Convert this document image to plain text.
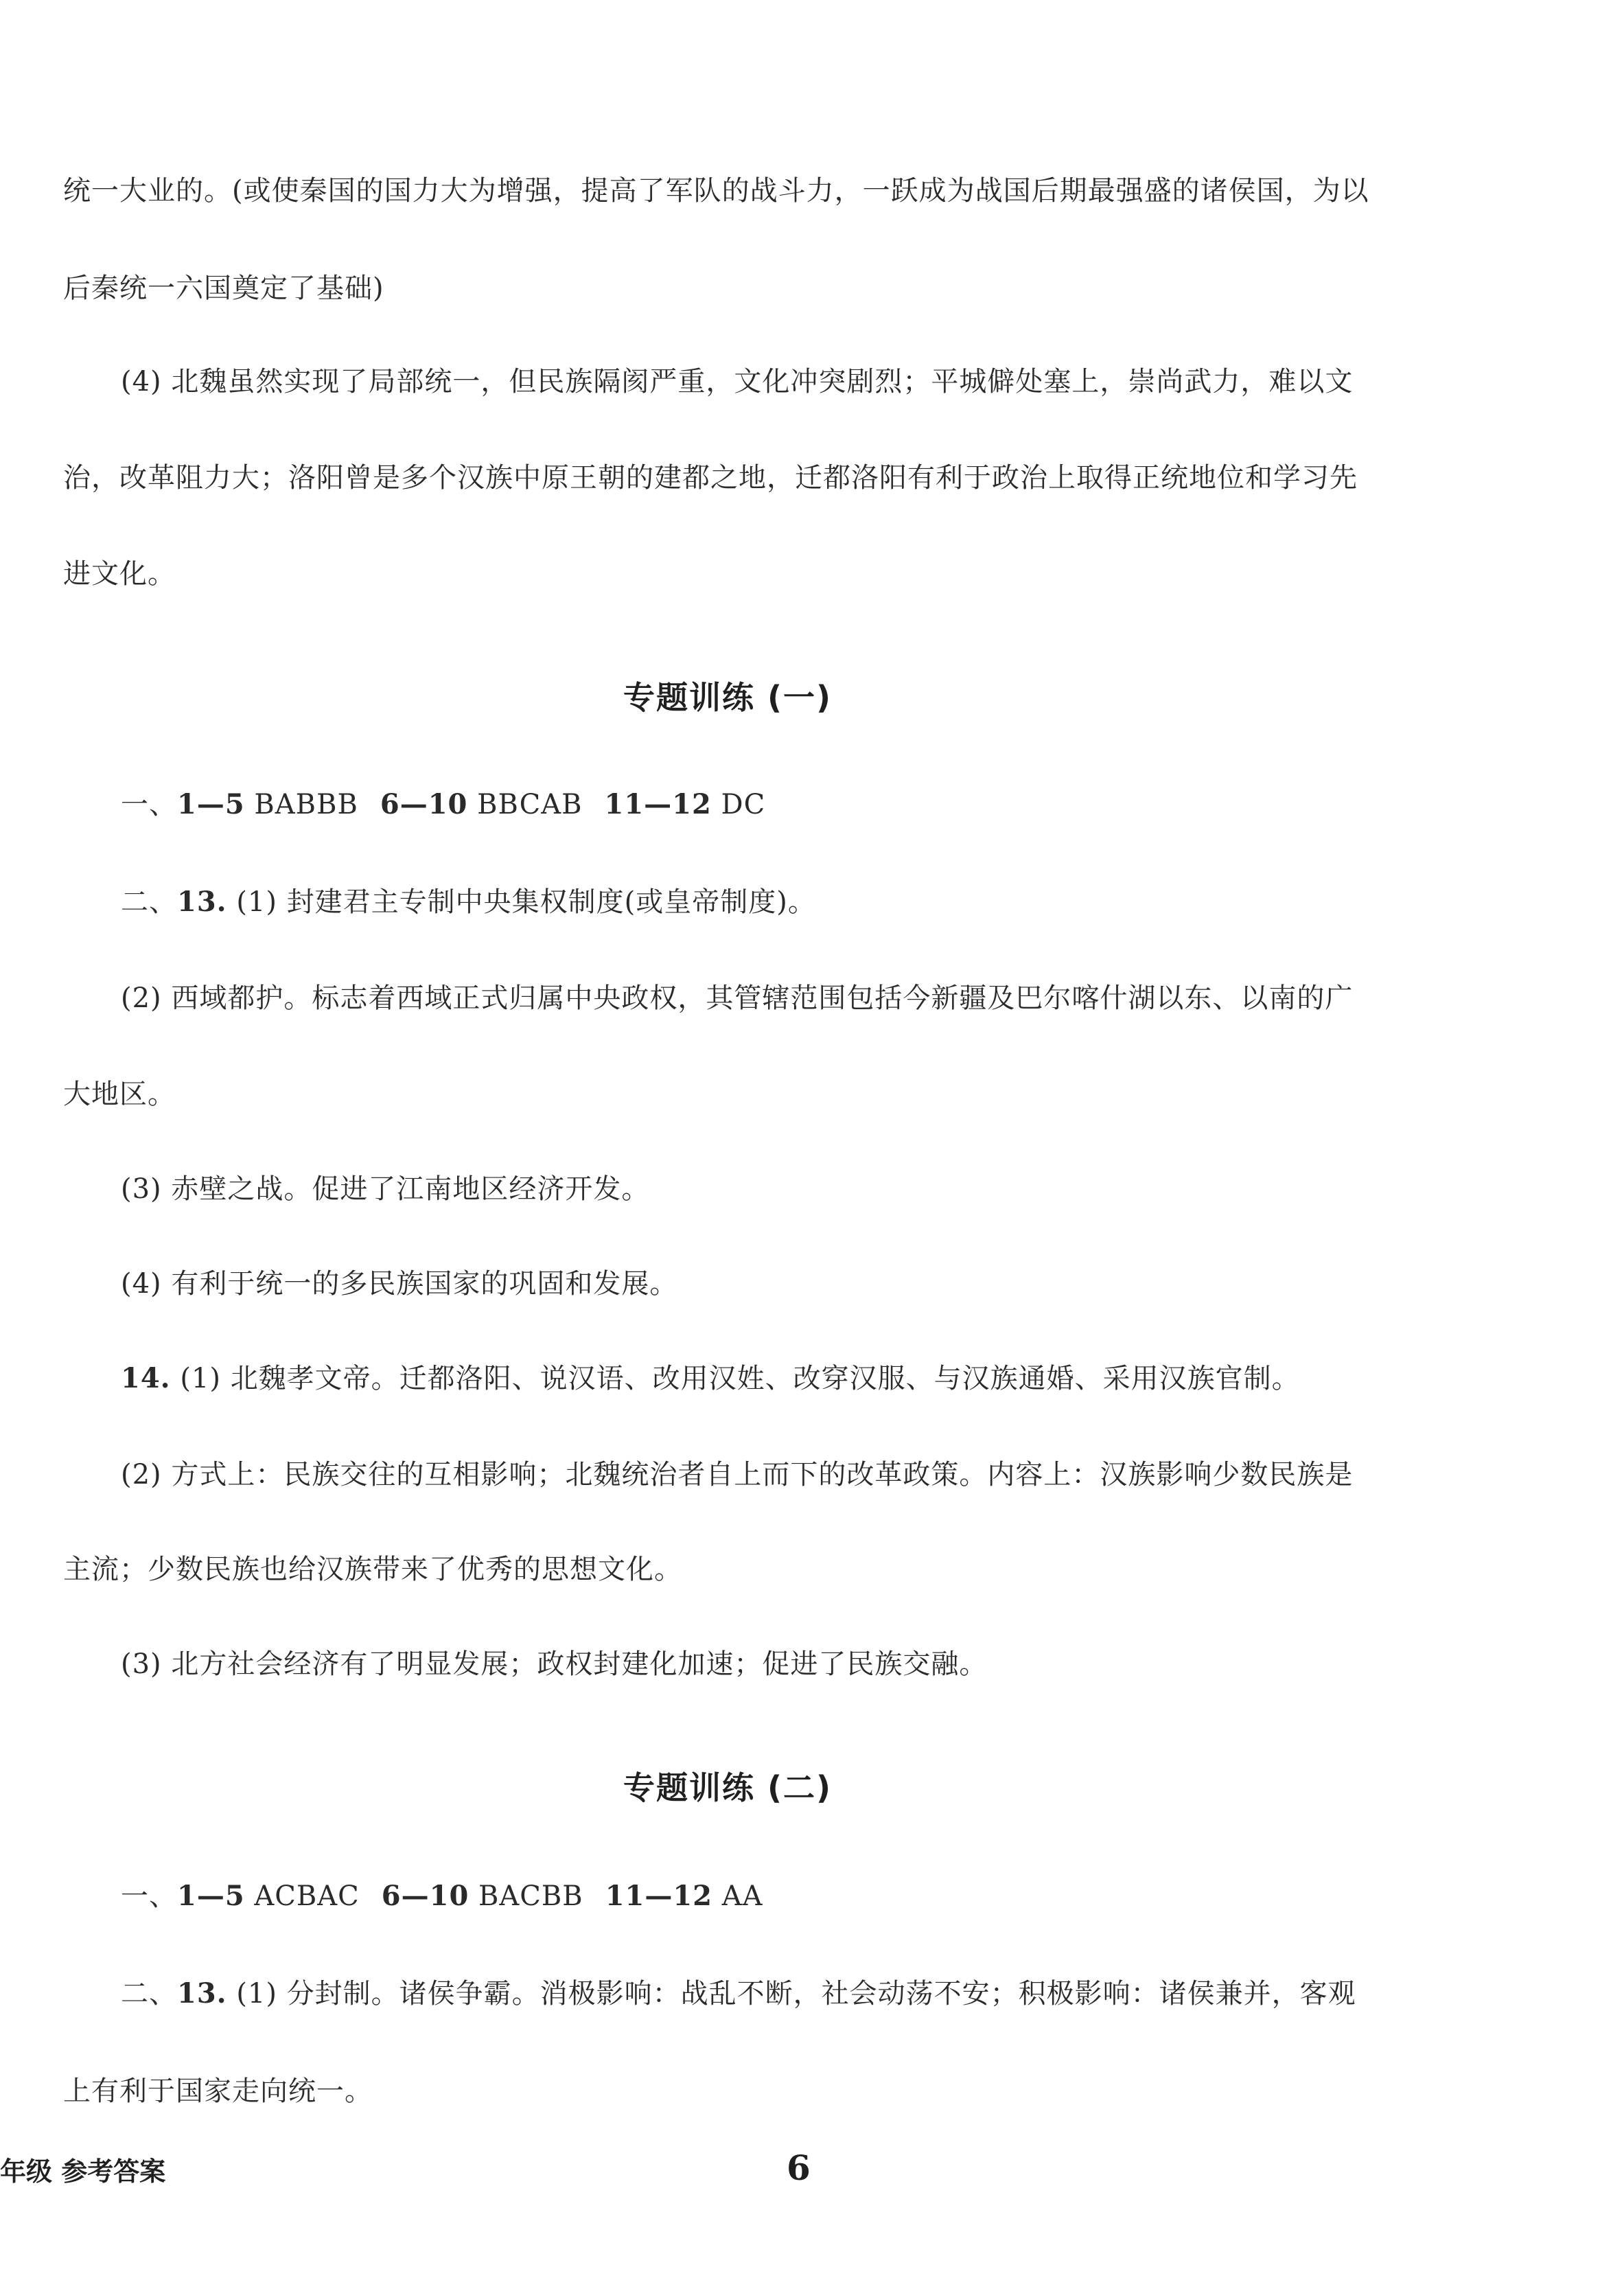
统一大业的。(或使秦国的国力大为增强，提高了军队的战斗力，一跃成为战国后期最强盛的诸侯国，为以
后秦统一六国奠定了基础)
(4) 北魏虽然实现了局部统一，但民族隔阂严重，文化冲突剧烈；平城僻处塞上，崇尚武力，难以文
治，改革阻力大；洛阳曾是多个汉族中原王朝的建都之地，迁都洛阳有利于政治上取得正统地位和学习先
进文化。
专题训练 (一)
一、1—5 BABBB 6—10 BBCAB 11—12 DC
二、13. (1) 封建君主专制中央集权制度(或皇帝制度)。
(2) 西域都护。标志着西域正式归属中央政权，其管辖范围包括今新疆及巴尔喀什湖以东、以南的广
大地区。
(3) 赤壁之战。促进了江南地区经济开发。
(4) 有利于统一的多民族国家的巩固和发展。
14. (1) 北魏孝文帝。迁都洛阳、说汉语、改用汉姓、改穿汉服、与汉族通婚、采用汉族官制。
(2) 方式上：民族交往的互相影响；北魏统治者自上而下的改革政策。内容上：汉族影响少数民族是
主流；少数民族也给汉族带来了优秀的思想文化。
(3) 北方社会经济有了明显发展；政权封建化加速；促进了民族交融。
专题训练 (二)
一、1—5 ACBAC 6—10 BACBB 11—12 AA
二、13. (1) 分封制。诸侯争霸。消极影响：战乱不断，社会动荡不安；积极影响：诸侯兼并，客观
上有利于国家走向统一。
年级 参考答案	6
